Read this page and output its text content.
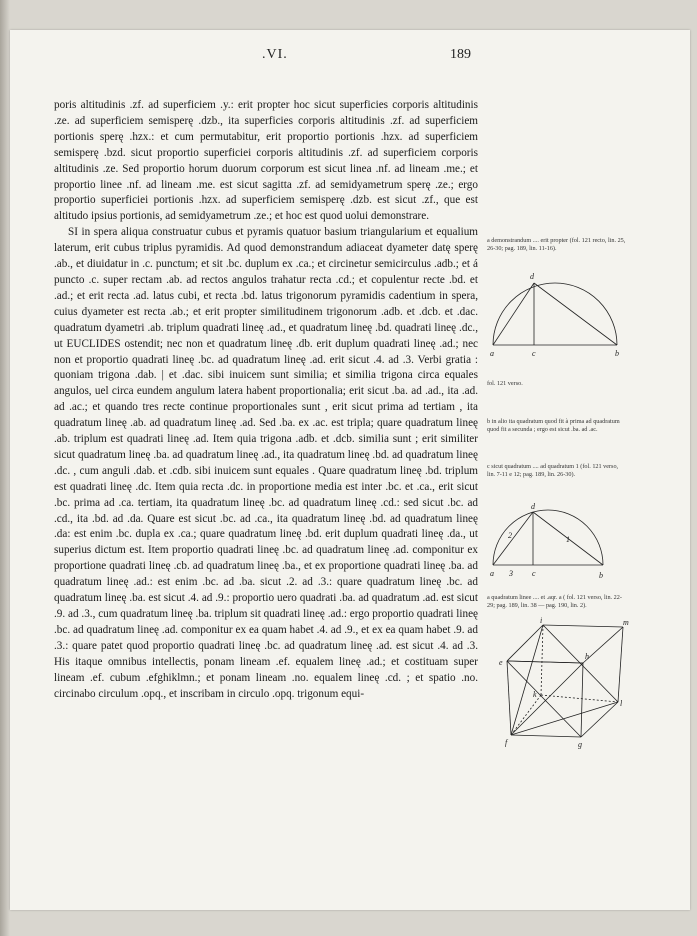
.VI.	189

poris altitudinis .zf. ad superficiem .y.: erit propter hoc sicut superficies corporis altitudinis .ze. ad superficiem semisperę .dzb., ita superficies corporis altitudinis .zf. ad superficiem portionis sperę .hzx.: et cum permutabitur, erit proportio portionis .hzx. ad superficiem semisperę .bzd. sicut proportio superficiei corporis altitudinis .zf. ad superficiem corporis altitudinis .ze. Sed proportio horum duorum corporum est sicut linea .nf. ad lineam .me.; et proportio linee .nf. ad lineam .me. est sicut sagitta .zf. ad semidyametrum sperę .ze.; ergo proportio superficiei portionis .hzx. ad superficiem semisperę .dzb. est sicut .zf., que est altitudo ipsius portionis, ad semidyametrum .ze.; et hoc est quod uolui demonstrare.

SI in spera aliqua construatur cubus et pyramis quatuor basium triangularium et equalium laterum, erit cubus triplus pyramidis. Ad quod demonstrandum adiaceat dyameter datę sperę .ab., et diuidatur in .c. punctum; et sit .bc. duplum ex .ca.; et circinetur semicirculus .adb.; et á puncto .c. super rectam .ab. ad rectos angulos trahatur recta .cd.; et copulentur recte .bd. et .ad.; et erit recta .ad. latus cubi, et recta .bd. latus trigonorum pyramidis cadentium in spera, cuius dyameter est recta .ab.; et erit propter similitudinem trigonorum .adb. et .dcb. et .dac. quadratum dyametri .ab. triplum quadrati lineę .ad., et quadratum lineę .bd. quadrati lineę .dc., ut EUCLIDES ostendit; nec non et quadratum lineę .db. erit duplum quadrati lineę .ad.; nec non et proportio quadrati lineę .bc. ad quadratum lineę .ad. erit sicut .4. ad .3. Verbi gratia : quoniam trigona .dab. | et .dac. sibi inuicem sunt similia; et similia trigona circa equales angulos, uel circa eundem angulum latera habent proportionalia; erit sicut .ba. ad .ad., ita .ad. ad .ac.; et quando tres recte continue proportionales sunt , erit sicut prima ad tertiam , ita quadratum lineę .ab. ad quadratum lineę .ad. Sed .ba. ex .ac. est tripla; quare quadratum lineę .ab. triplum est quadrati lineę .ad. Item quia trigona .adb. et .dcb. similia sunt ; erit similiter sicut quadratum lineę .ba. ad quadratum lineę .ad., ita quadratum lineę .bd. ad quadratum lineę .dc. , cum anguli .dab. et .cdb. sibi inuicem sunt equales . Quare quadratum lineę .bd. triplum est quadrati lineę .dc. Item quia recta .dc. in proportione media est inter .bc. et .ca., erit sicut .bc. prima ad .ca. tertiam, ita quadratum lineę .bc. ad quadratum lineę .cd.: sed sicut .bc. ad .cd., ita .bd. ad .da. Quare est sicut .bc. ad .ca., ita quadratum lineę .bd. ad quadratum lineę .da: est enim .bc. dupla ex .ca.; quare quadratum lineę .bd. erit duplum quadrati lineę .da., ut superius dictum est. Item proportio quadrati lineę .bc. ad quadratum lineę .ad. componitur ex proportione quadrati lineę .cb. ad quadratum lineę .ba., et ex proportione quadrati lineę .ba. ad quadratum lineę .ad.: est enim .bc. ad .ba. sicut .2. ad .3.: quare quadratum lineę .bc. ad quadratum lineę .ba. est sicut .4. ad .9.: proportio uero quadrati .ba. ad quadratum .ad. est sicut .9. ad .3., cum quadratum lineę .ba. triplum sit quadrati lineę .ad.: ergo proportio quadrati lineę .bc. ad quadratum lineę .ad. componitur ex ea quam habet .4. ad .9., et ex ea quam habet .9. ad .3.: quare patet quod proportio quadrati lineę .bc. ad quadratum lineę .ad. est sicut .4. ad .3. His itaque omnibus intellectis, ponam lineam .ef. equalem lineę .ad.; et costituam super lineam .ef. cubum .efghiklmn.; et ponam lineam .no. equalem lineę .cd. ; et spatio .no. circinabo circulum .opq., et inscribam in circulo .opq. trigonum equi-

a demonstrandum .... erit propter (fol. 121 recto, lin. 25, 26-30; pag. 189, lin. 11-16).
d
a	c	b
fol. 121 verso.
b in alio ita quadratum quod fit à prima ad quadratum quod fit a secunda ; ergo est sicut .ba. ad .ac.
c sicut quadratum .... ad quadratum 1 (fol. 121 verso, lin. 7-11 e 12; pag. 189, lin. 26-30).
d
2	1
a 3 c	b
a quadratum linee .... et .aqr. a ( fol. 121 verso, lin. 22-29; pag. 189, lin. 38 — pag. 190, lin. 2).
i	m
h
e
k
l
f	g
